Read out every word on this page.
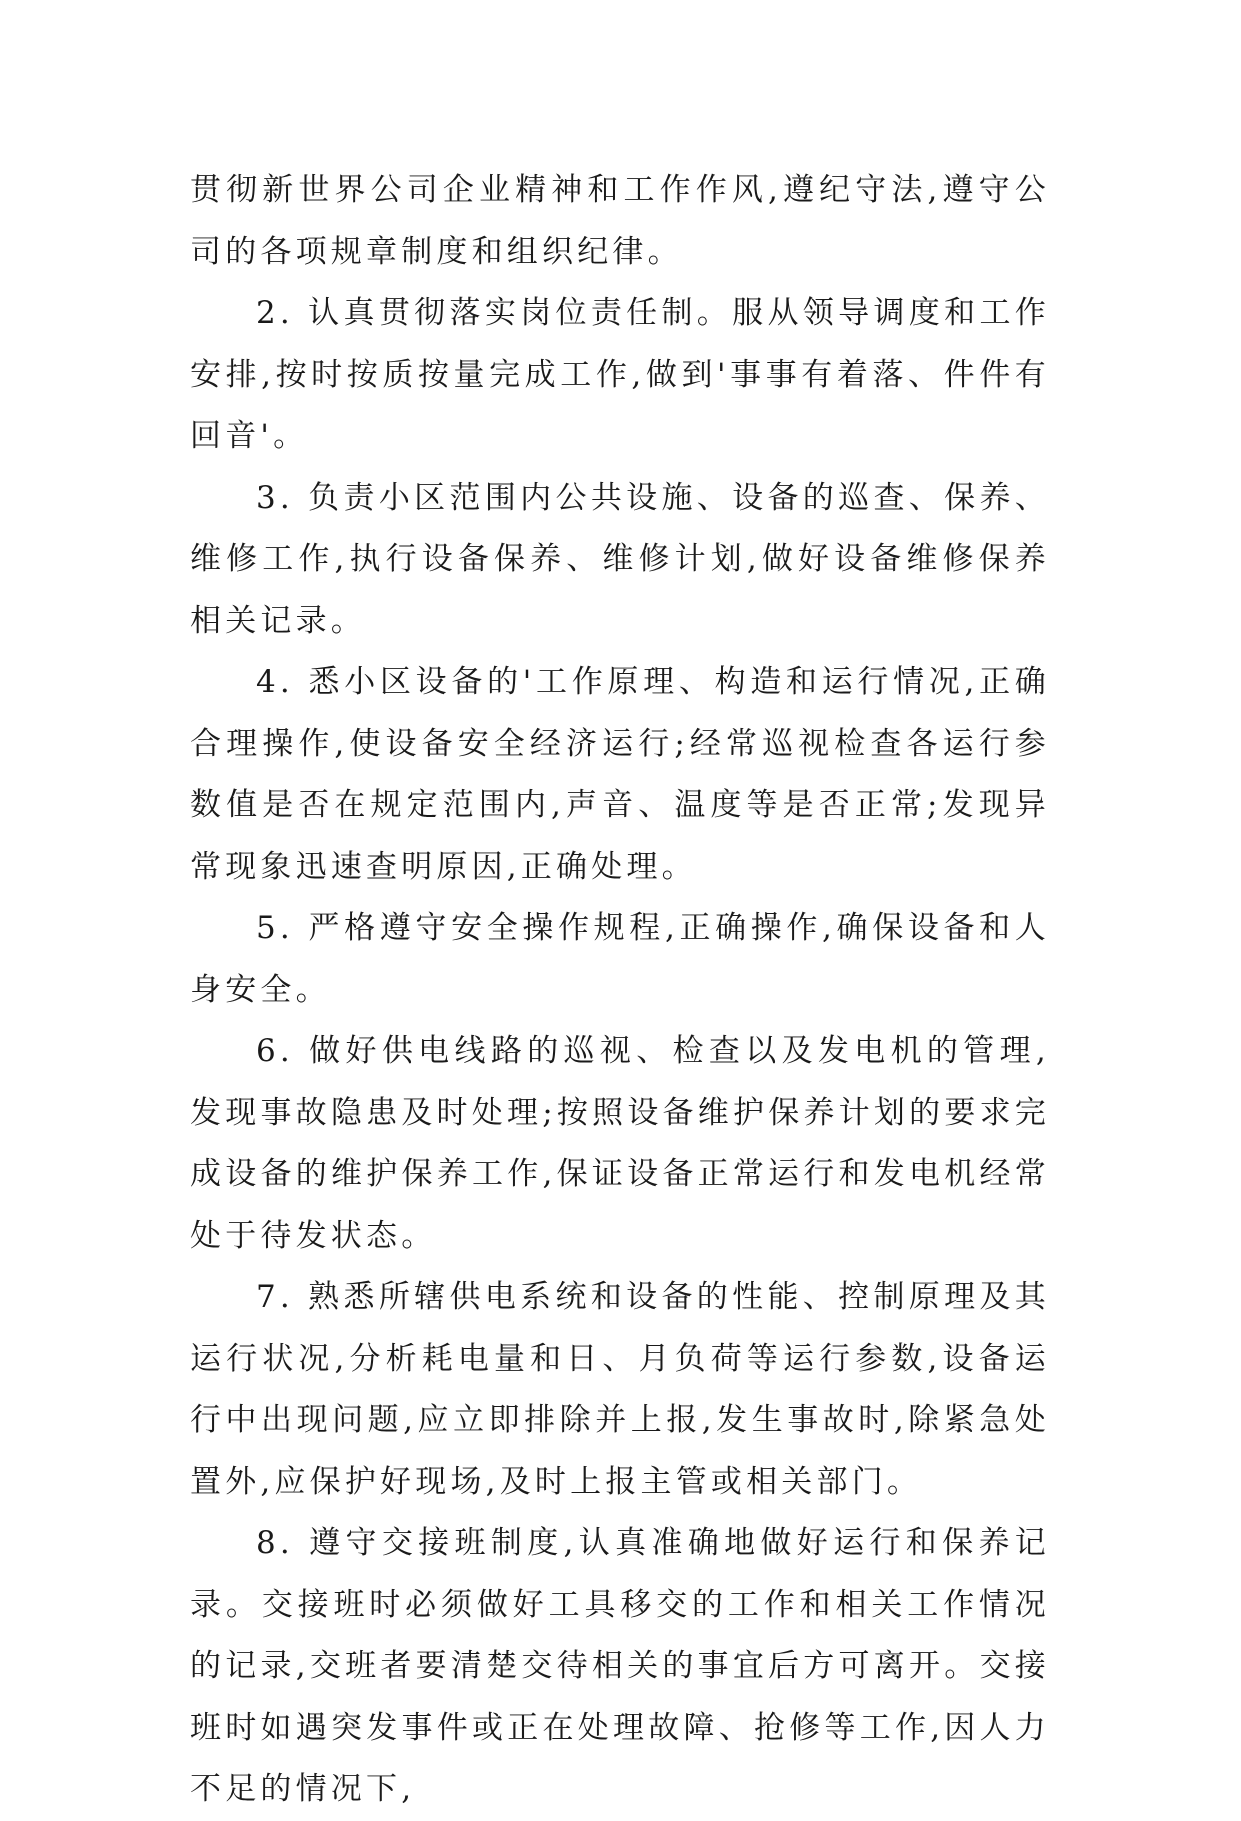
贯彻新世界公司企业精神和工作作风,遵纪守法,遵守公司的各项规章制度和组织纪律。

2. 认真贯彻落实岗位责任制。服从领导调度和工作安排,按时按质按量完成工作,做到'事事有着落、件件有回音'。

3. 负责小区范围内公共设施、设备的巡查、保养、维修工作,执行设备保养、维修计划,做好设备维修保养相关记录。

4. 悉小区设备的'工作原理、构造和运行情况,正确合理操作,使设备安全经济运行;经常巡视检查各运行参数值是否在规定范围内,声音、温度等是否正常;发现异常现象迅速查明原因,正确处理。

5. 严格遵守安全操作规程,正确操作,确保设备和人身安全。

6. 做好供电线路的巡视、检查以及发电机的管理,发现事故隐患及时处理;按照设备维护保养计划的要求完成设备的维护保养工作,保证设备正常运行和发电机经常处于待发状态。

7. 熟悉所辖供电系统和设备的性能、控制原理及其运行状况,分析耗电量和日、月负荷等运行参数,设备运行中出现问题,应立即排除并上报,发生事故时,除紧急处置外,应保护好现场,及时上报主管或相关部门。

8. 遵守交接班制度,认真准确地做好运行和保养记录。交接班时必须做好工具移交的工作和相关工作情况的记录,交班者要清楚交待相关的事宜后方可离开。交接班时如遇突发事件或正在处理故障、抢修等工作,因人力不足的情况下,
